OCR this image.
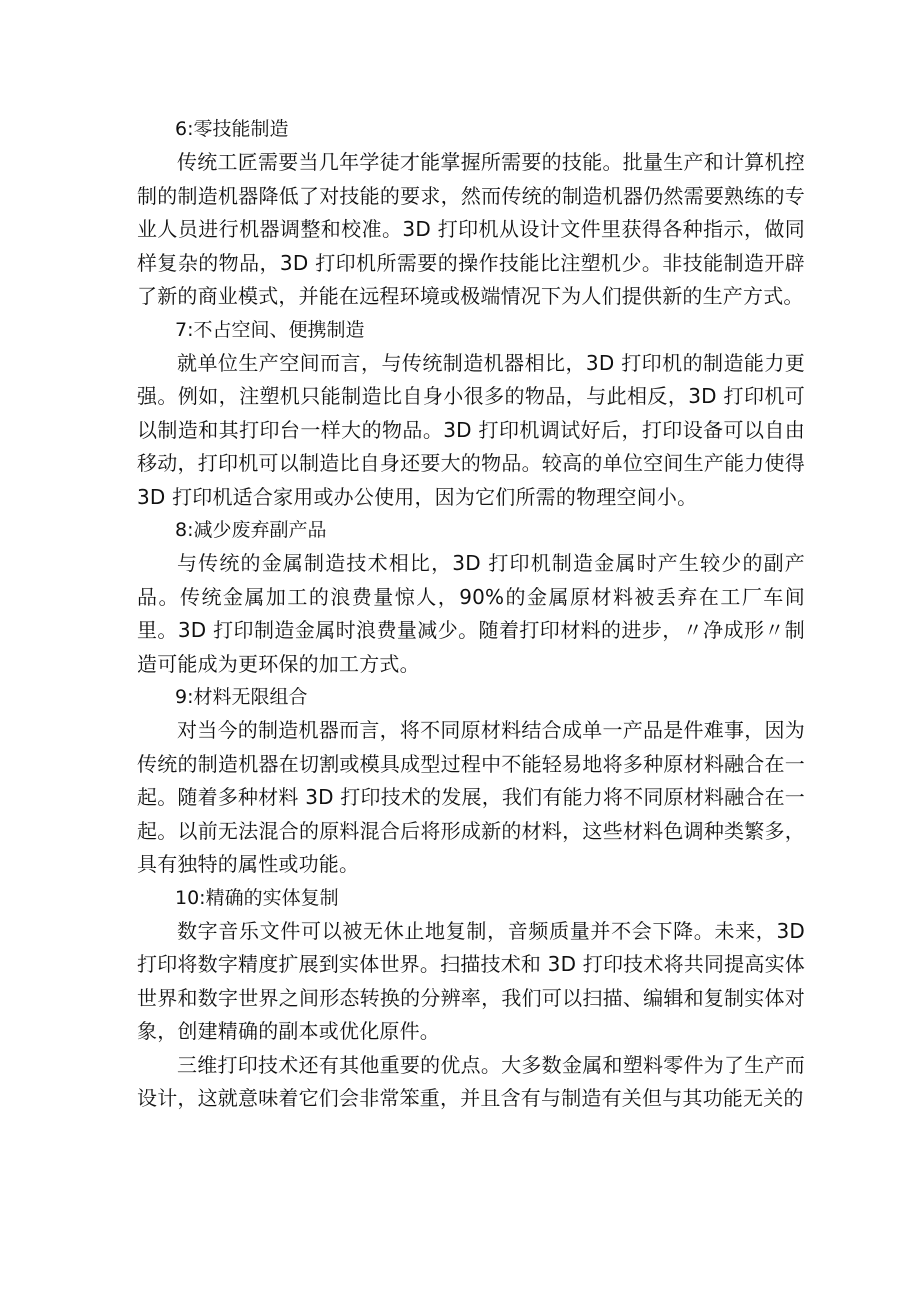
6:零技能制造

传统工匠需要当几年学徒才能掌握所需要的技能。批量生产和计算机控制的制造机器降低了对技能的要求，然而传统的制造机器仍然需要熟练的专业人员进行机器调整和校准。3D 打印机从设计文件里获得各种指示，做同样复杂的物品，3D 打印机所需要的操作技能比注塑机少。非技能制造开辟了新的商业模式，并能在远程环境或极端情况下为人们提供新的生产方式。

7:不占空间、便携制造

就单位生产空间而言，与传统制造机器相比，3D 打印机的制造能力更强。例如，注塑机只能制造比自身小很多的物品，与此相反，3D 打印机可以制造和其打印台一样大的物品。3D 打印机调试好后，打印设备可以自由移动，打印机可以制造比自身还要大的物品。较高的单位空间生产能力使得 3D 打印机适合家用或办公使用，因为它们所需的物理空间小。

8:减少废弃副产品

与传统的金属制造技术相比，3D 打印机制造金属时产生较少的副产品。传统金属加工的浪费量惊人，90%的金属原材料被丢弃在工厂车间里。3D 打印制造金属时浪费量减少。随着打印材料的进步，〃净成形〃制造可能成为更环保的加工方式。

9:材料无限组合

对当今的制造机器而言，将不同原材料结合成单一产品是件难事，因为传统的制造机器在切割或模具成型过程中不能轻易地将多种原材料融合在一起。随着多种材料 3D 打印技术的发展，我们有能力将不同原材料融合在一起。以前无法混合的原料混合后将形成新的材料，这些材料色调种类繁多，具有独特的属性或功能。

10:精确的实体复制

数字音乐文件可以被无休止地复制，音频质量并不会下降。未来，3D 打印将数字精度扩展到实体世界。扫描技术和 3D 打印技术将共同提高实体世界和数字世界之间形态转换的分辨率，我们可以扫描、编辑和复制实体对象，创建精确的副本或优化原件。

三维打印技术还有其他重要的优点。大多数金属和塑料零件为了生产而设计，这就意味着它们会非常笨重，并且含有与制造有关但与其功能无关的
